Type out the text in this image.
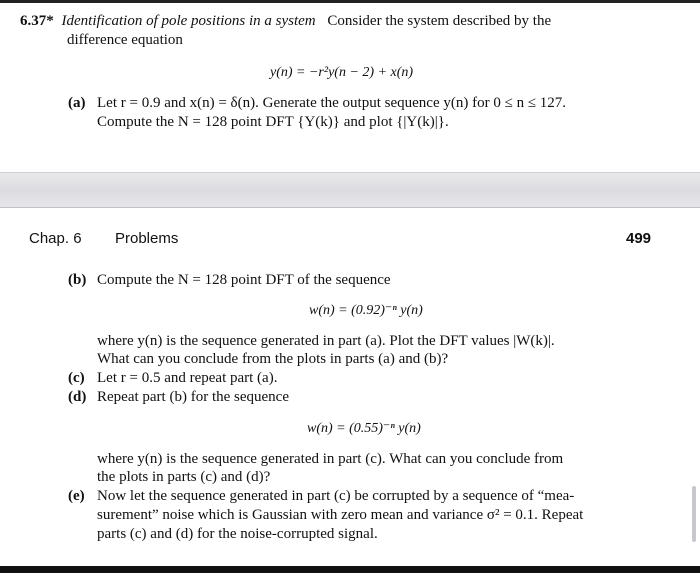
6.37* Identification of pole positions in a system Consider the system described by the
difference equation
y(n) = −r²y(n − 2) + x(n)
(a) Let r = 0.9 and x(n) = δ(n). Generate the output sequence y(n) for 0 ≤ n ≤ 127.
Compute the N = 128 point DFT {Y(k)} and plot {|Y(k)|}.
Chap. 6 Problems	499
(b) Compute the N = 128 point DFT of the sequence
w(n) = (0.92)⁻ⁿ y(n)
where y(n) is the sequence generated in part (a). Plot the DFT values |W(k)|.
What can you conclude from the plots in parts (a) and (b)?
(c) Let r = 0.5 and repeat part (a).
(d) Repeat part (b) for the sequence
w(n) = (0.55)⁻ⁿ y(n)
where y(n) is the sequence generated in part (c). What can you conclude from
the plots in parts (c) and (d)?
(e) Now let the sequence generated in part (c) be corrupted by a sequence of “mea-
surement” noise which is Gaussian with zero mean and variance σ² = 0.1. Repeat
parts (c) and (d) for the noise-corrupted signal.
